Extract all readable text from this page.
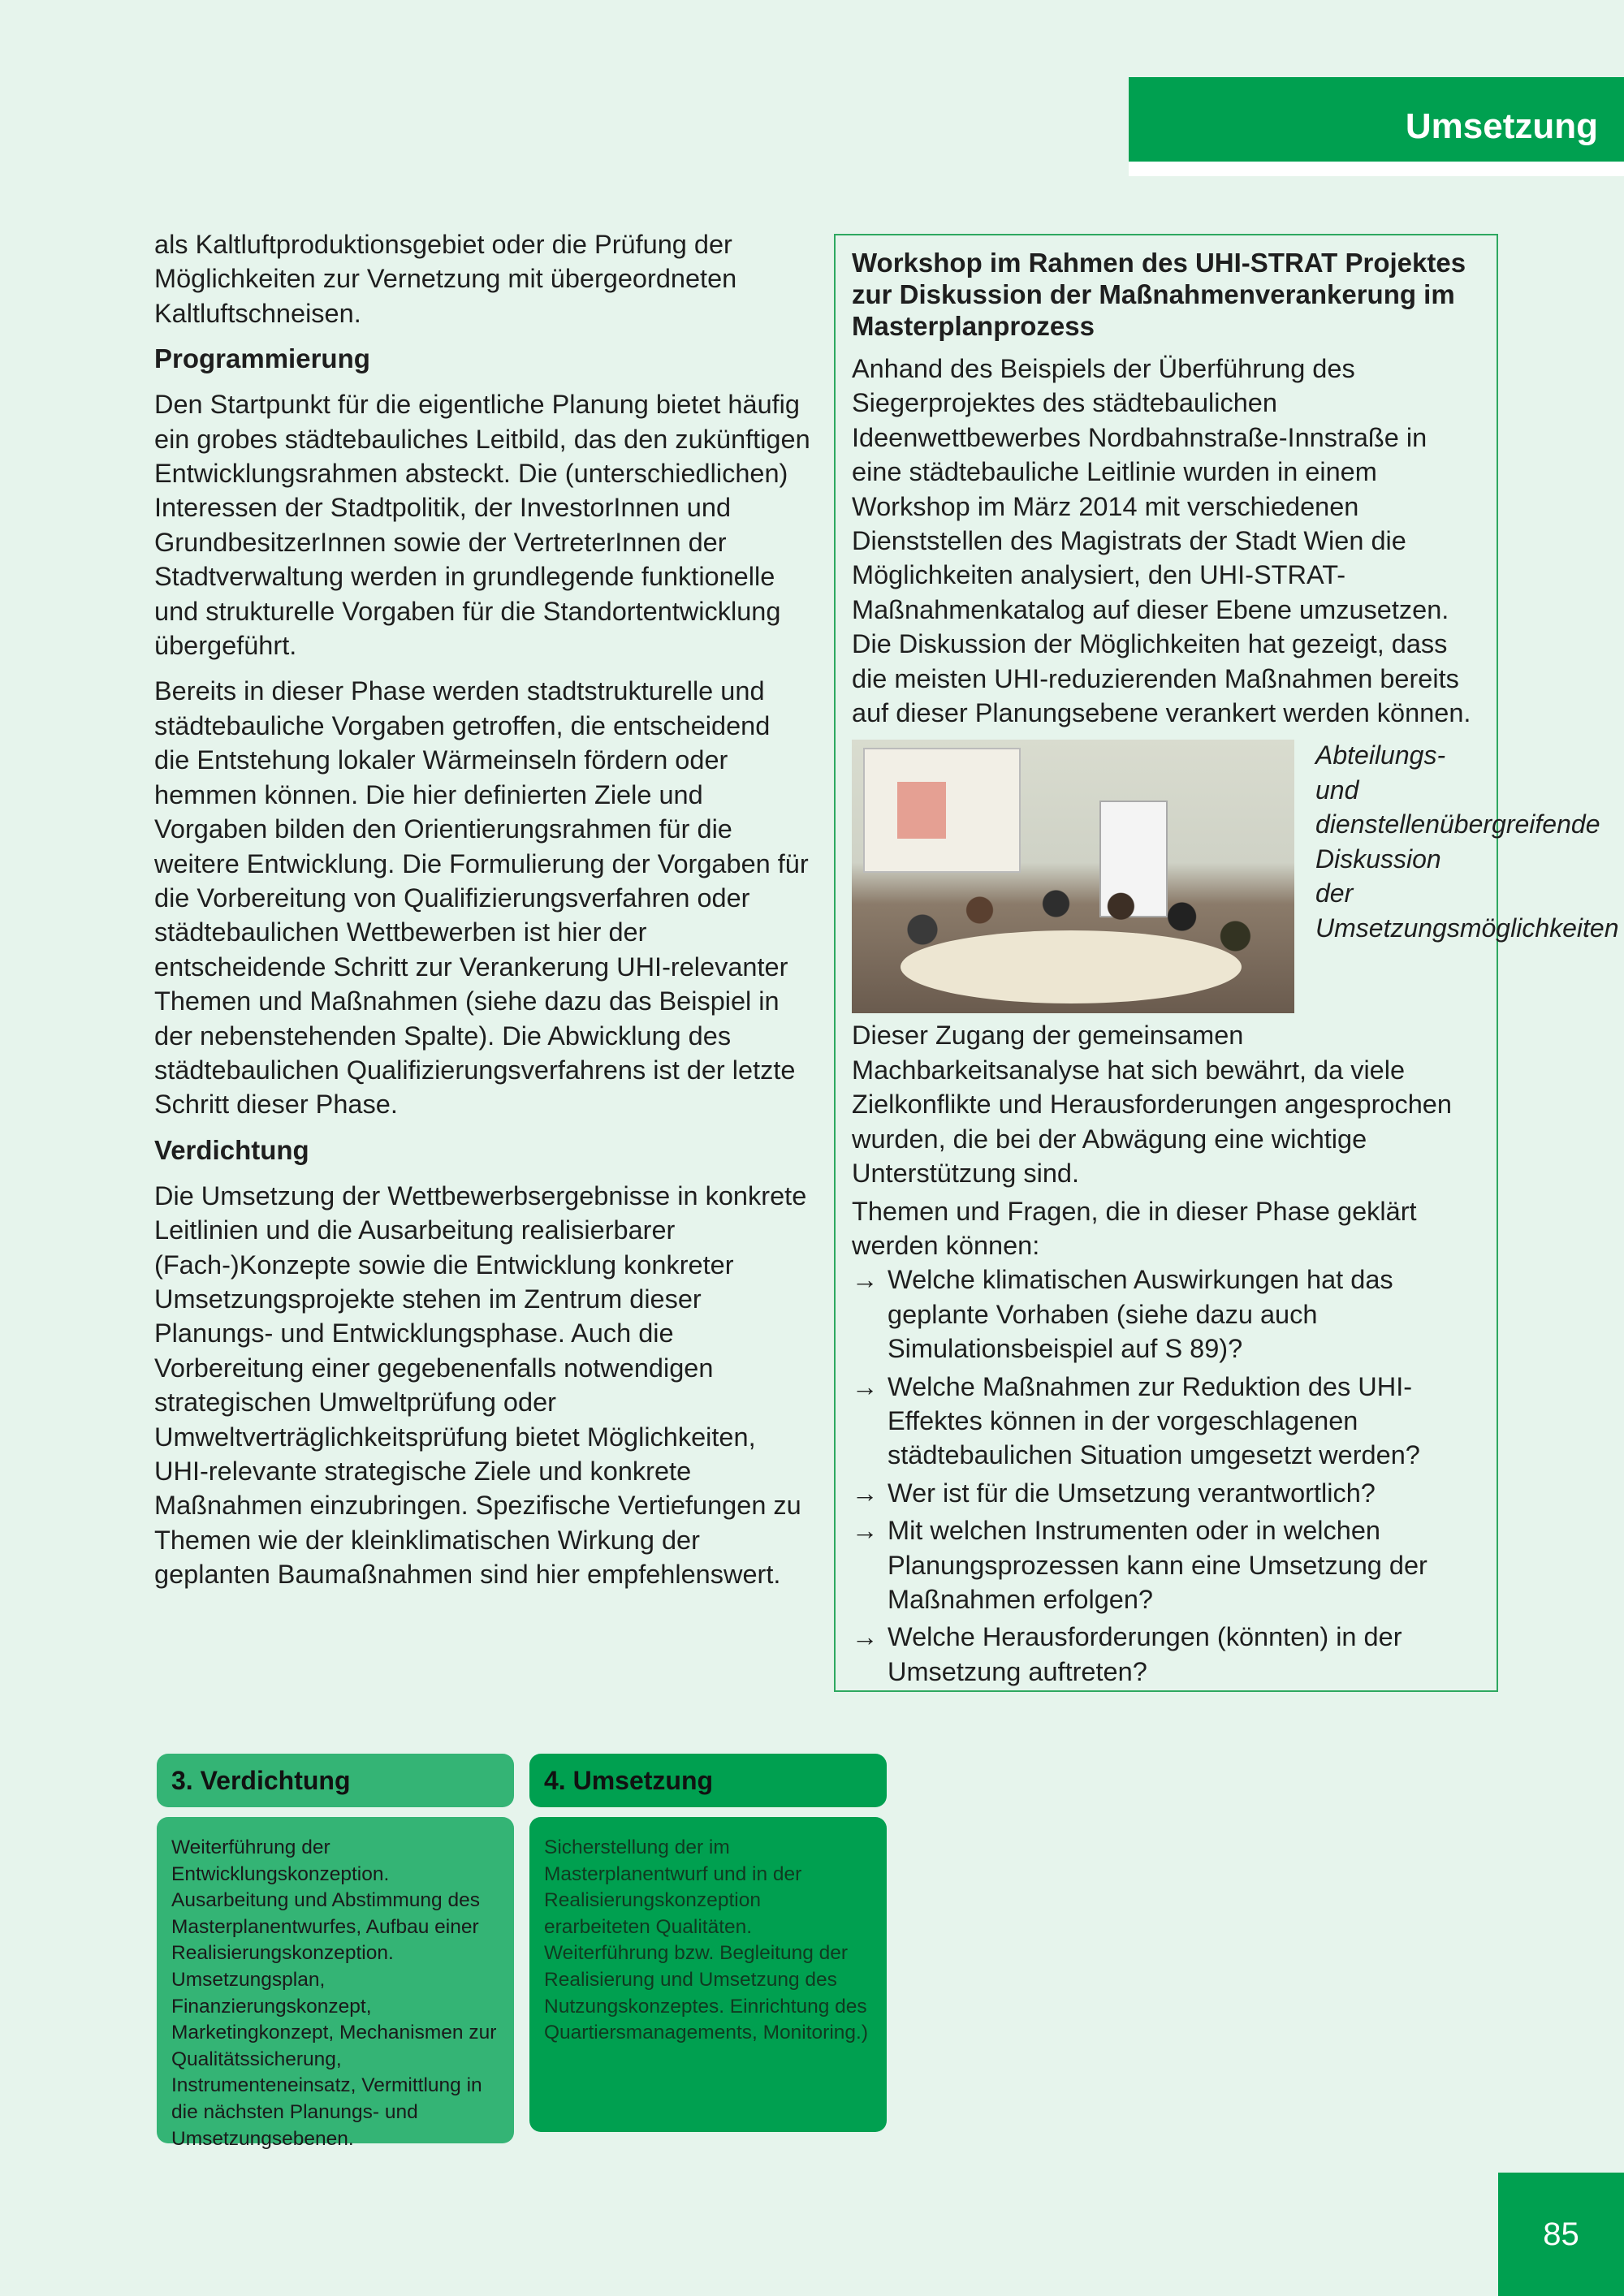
Umsetzung

als Kaltluftproduktionsgebiet oder die Prüfung der Möglichkeiten zur Vernetzung mit übergeordneten Kaltluftschneisen.

Programmierung

Den Startpunkt für die eigentliche Planung bietet häufig ein grobes städtebauliches Leitbild, das den zukünftigen Entwicklungsrahmen absteckt. Die (unterschiedlichen) Interessen der Stadtpolitik, der InvestorInnen und GrundbesitzerInnen sowie der VertreterInnen der Stadtverwaltung werden in grundlegende funktionelle und strukturelle Vorgaben für die Standortentwicklung übergeführt.

Bereits in dieser Phase werden stadtstrukturelle und städtebauliche Vorgaben getroffen, die entscheidend die Entstehung lokaler Wärmeinseln fördern oder hemmen können. Die hier definierten Ziele und Vorgaben bilden den Orientierungsrahmen für die weitere Entwicklung. Die Formulierung der Vorgaben für die Vorbereitung von Qualifizierungsverfahren oder städtebaulichen Wettbewerben ist hier der entscheidende Schritt zur Verankerung UHI-relevanter Themen und Maßnahmen (siehe dazu das Beispiel in der nebenstehenden Spalte). Die Abwicklung des städtebaulichen Qualifizierungsverfahrens ist der letzte Schritt dieser Phase.

Verdichtung

Die Umsetzung der Wettbewerbsergebnisse in konkrete Leitlinien und die Ausarbeitung realisierbarer (Fach-)Konzepte sowie die Entwicklung konkreter Umsetzungsprojekte stehen im Zentrum dieser Planungs- und Entwicklungsphase. Auch die Vorbereitung einer gegebenenfalls notwendigen strategischen Umweltprüfung oder Umweltverträglichkeitsprüfung bietet Möglichkeiten, UHI-relevante strategische Ziele und konkrete Maßnahmen einzubringen. Spezifische Vertiefungen zu Themen wie der kleinklimatischen Wirkung der geplanten Baumaßnahmen sind hier empfehlenswert.

Workshop im Rahmen des UHI-STRAT Projektes zur Diskussion der Maßnahmenverankerung im Masterplanprozess

Anhand des Beispiels der Überführung des Siegerprojektes des städtebaulichen Ideenwettbewerbes Nordbahnstraße-Innstraße in eine städtebauliche Leitlinie wurden in einem Workshop im März 2014 mit verschiedenen Dienststellen des Magistrats der Stadt Wien die Möglichkeiten analysiert, den UHI-STRAT-Maßnahmenkatalog auf dieser Ebene umzusetzen. Die Diskussion der Möglichkeiten hat gezeigt, dass die meisten UHI-reduzierenden Maßnahmen bereits auf dieser Planungsebene verankert werden können.

Abteilungs- und dienstellenübergreifende Diskussion der Umsetzungsmöglichkeiten

Dieser Zugang der gemeinsamen Machbarkeitsanalyse hat sich bewährt, da viele Zielkonflikte und Herausforderungen angesprochen wurden, die bei der Abwägung eine wichtige Unterstützung sind.

Themen und Fragen, die in dieser Phase geklärt werden können:

→ Welche klimatischen Auswirkungen hat das geplante Vorhaben (siehe dazu auch Simulationsbeispiel auf S 89)?
→ Welche Maßnahmen zur Reduktion des UHI- Effektes können in der vorgeschlagenen städtebaulichen Situation umgesetzt werden?
→ Wer ist für die Umsetzung verantwortlich?
→ Mit welchen Instrumenten oder in welchen Planungsprozessen kann eine Umsetzung der Maßnahmen erfolgen?
→ Welche Herausforderungen (könnten) in der Umsetzung auftreten?
3. Verdichtung
Weiterführung der Entwicklungskonzeption. Ausarbeitung und Abstimmung des Masterplanentwurfes, Aufbau einer Realisierungskonzeption. Umsetzungsplan, Finanzierungskonzept, Marketingkonzept, Mechanismen zur Qualitätssicherung, Instrumenteneinsatz, Vermittlung in die nächsten Planungs- und Umsetzungsebenen.
4. Umsetzung
Sicherstellung der im Masterplanentwurf und in der Realisierungskonzeption erarbeiteten Qualitäten. Weiterführung bzw. Begleitung der Realisierung und Umsetzung des Nutzungskonzeptes. Einrichtung des Quartiersmanagements, Monitoring.)
85
